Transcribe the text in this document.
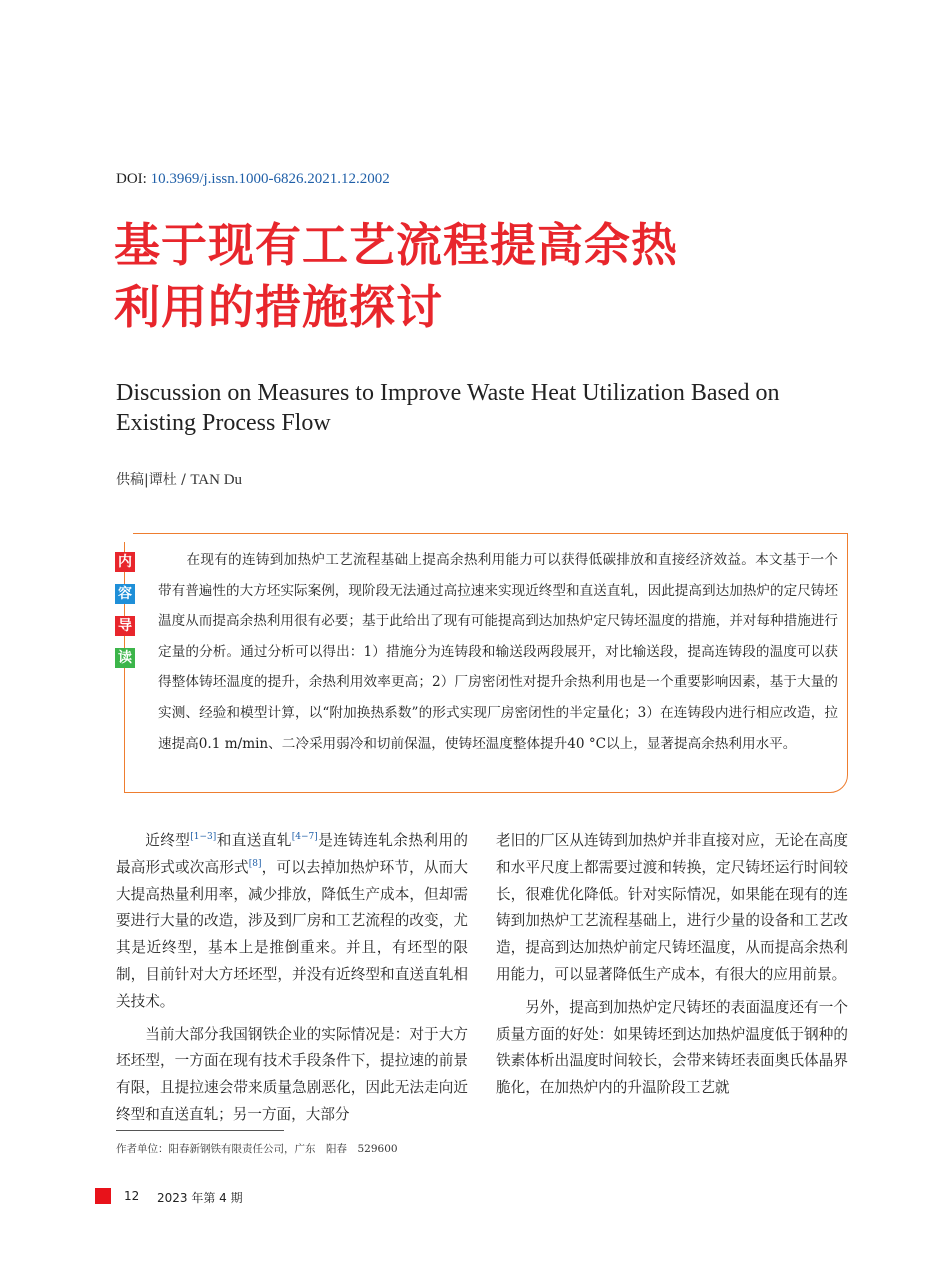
DOI: 10.3969/j.issn.1000-6826.2021.12.2002
基于现有工艺流程提高余热
利用的措施探讨
Discussion on Measures to Improve Waste Heat Utilization Based on
Existing Process Flow
供稿|谭杜 / TAN Du
内
容
导
读

在现有的连铸到加热炉工艺流程基础上提高余热利用能力可以获得低碳排放和直接经济效益。本文基于一个带有普遍性的大方坯实际案例，现阶段无法通过高拉速来实现近终型和直送直轧，因此提高到达加热炉的定尺铸坯温度从而提高余热利用很有必要；基于此给出了现有可能提高到达加热炉定尺铸坯温度的措施，并对每种措施进行定量的分析。通过分析可以得出：1）措施分为连铸段和输送段两段展开，对比输送段，提高连铸段的温度可以获得整体铸坯温度的提升，余热利用效率更高；2）厂房密闭性对提升余热利用也是一个重要影响因素，基于大量的实测、经验和模型计算，以“附加换热系数”的形式实现厂房密闭性的半定量化；3）在连铸段内进行相应改造，拉速提高0.1 m/min、二冷采用弱冷和切前保温，使铸坯温度整体提升40 °C以上，显著提高余热利用水平。

近终型[1−3]和直送直轧[4−7]是连铸连轧余热利用的最高形式或次高形式[8]，可以去掉加热炉环节，从而大大提高热量利用率，减少排放，降低生产成本，但却需要进行大量的改造，涉及到厂房和工艺流程的改变，尤其是近终型，基本上是推倒重来。并且，有坯型的限制，目前针对大方坯坯型，并没有近终型和直送直轧相关技术。

当前大部分我国钢铁企业的实际情况是：对于大方坯坯型，一方面在现有技术手段条件下，提拉速的前景有限，且提拉速会带来质量急剧恶化，因此无法走向近终型和直送直轧；另一方面，大部分

老旧的厂区从连铸到加热炉并非直接对应，无论在高度和水平尺度上都需要过渡和转换，定尺铸坯运行时间较长，很难优化降低。针对实际情况，如果能在现有的连铸到加热炉工艺流程基础上，进行少量的设备和工艺改造，提高到达加热炉前定尺铸坯温度，从而提高余热利用能力，可以显著降低生产成本，有很大的应用前景。

另外，提高到加热炉定尺铸坯的表面温度还有一个质量方面的好处：如果铸坯到达加热炉温度低于钢种的铁素体析出温度时间较长，会带来铸坯表面奥氏体晶界脆化，在加热炉内的升温阶段工艺就

作者单位：阳春新钢铁有限责任公司，广东　阳春　529600
12 2023 年第 4 期
